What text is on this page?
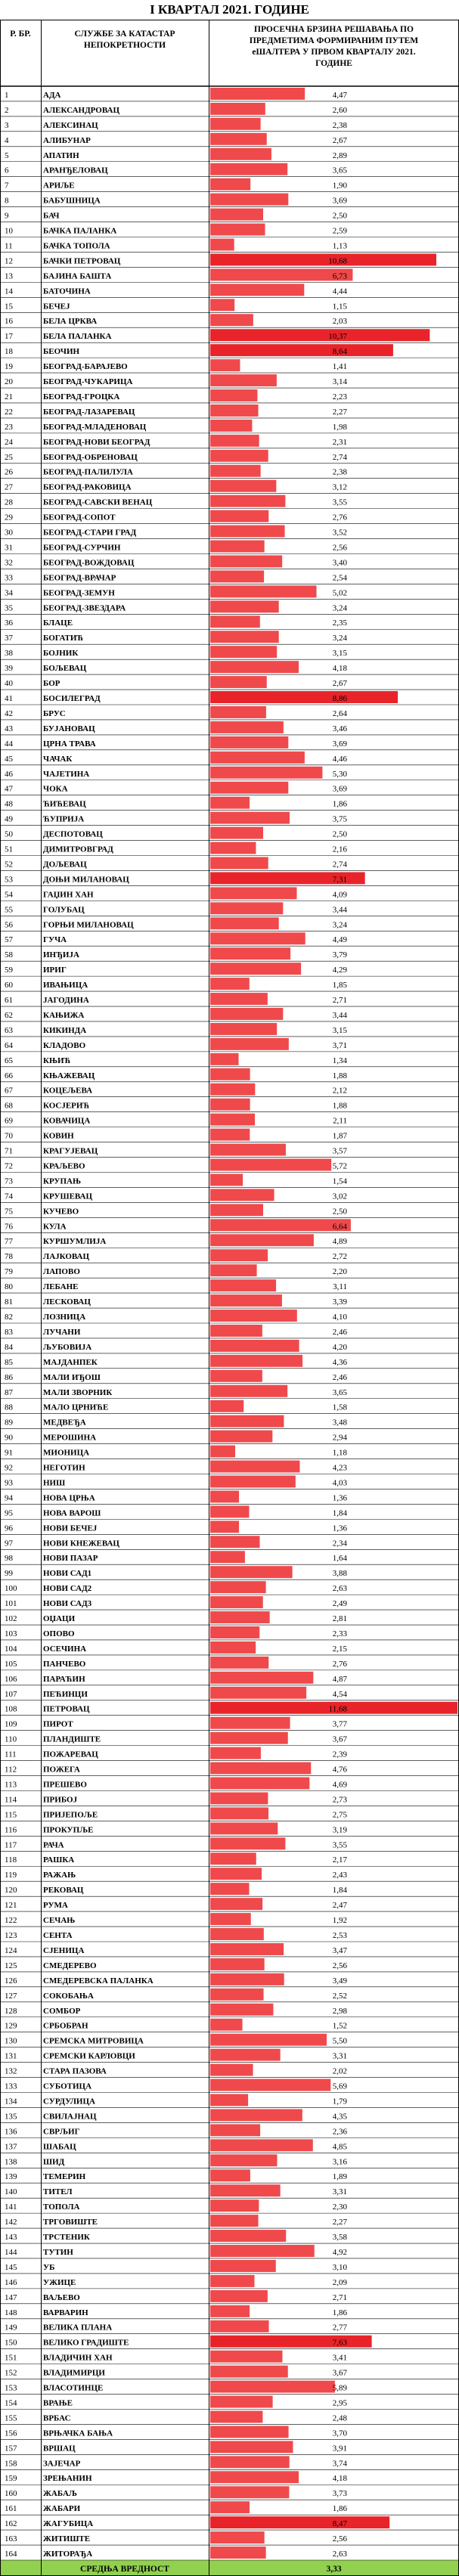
I КВАРТАЛ 2021. ГОДИНЕ
Р. БР.	СЛУЖБЕ ЗА КАТАСТАР
НЕПОКРЕТНОСТИ
ПРОСЕЧНА БРЗИНА РЕШАВАЊА ПО
ПРЕДМЕТИМА ФОРМИРАНИМ ПУТЕМ
еШАЛТЕРА У ПРВОМ КВАРТАЛУ 2021.
ГОДИНЕ
1	АДА	4,47
2	АЛЕКСАНДРОВАЦ	2,60
3	АЛЕКСИНАЦ	2,38
4	АЛИБУНАР	2,67
5	АПАТИН	2,89
6	АРАНЂЕЛОВАЦ	3,65
7	АРИЉЕ	1,90
8	БАБУШНИЦА	3,69
9	БАЧ	2,50
10	БАЧКА ПАЛАНКА	2,59
11	БАЧКА ТОПОЛА	1,13
12	БАЧКИ ПЕТРОВАЦ	10,68
13	БАЈИНА БАШТА	6,73
14	БАТОЧИНА	4,44
15	БЕЧЕЈ	1,15
16	БЕЛА ЦРКВА	2,03
17	БЕЛА ПАЛАНКА	10,37
18	БЕОЧИН	8,64
19	БЕОГРАД-БАРАЈЕВО	1,41
20	БЕОГРАД-ЧУКАРИЦА	3,14
21	БЕОГРАД-ГРОЦКА	2,23
22	БЕОГРАД-ЛАЗАРЕВАЦ	2,27
23	БЕОГРАД-МЛАДЕНОВАЦ	1,98
24	БЕОГРАД-НОВИ БЕОГРАД	2,31
25	БЕОГРАД-ОБРЕНОВАЦ	2,74
26	БЕОГРАД-ПАЛИЛУЛА	2,38
27	БЕОГРАД-РАКОВИЦА	3,12
28	БЕОГРАД-САВСКИ ВЕНАЦ	3,55
29	БЕОГРАД-СОПОТ	2,76
30	БЕОГРАД-СТАРИ ГРАД	3,52
31	БЕОГРАД-СУРЧИН	2,56
32	БЕОГРАД-ВОЖДОВАЦ	3,40
33	БЕОГРАД-ВРАЧАР	2,54
34	БЕОГРАД-ЗЕМУН	5,02
35	БЕОГРАД-ЗВЕЗДАРА	3,24
36	БЛАЦЕ	2,35
37	БОГАТИЋ	3,24
38	БОЈНИК	3,15
39	БОЉЕВАЦ	4,18
40	БОР	2,67
41	БОСИЛЕГРАД	8,86
42	БРУС	2,64
43	БУЈАНОВАЦ	3,46
44	ЦРНА ТРАВА	3,69
45	ЧАЧАК	4,46
46	ЧАЈЕТИНА	5,30
47	ЧОКА	3,69
48	ЋИЋЕВАЦ	1,86
49	ЋУПРИЈА	3,75
50	ДЕСПОТОВАЦ	2,50
51	ДИМИТРОВГРАД	2,16
52	ДОЉЕВАЦ	2,74
53	ДОЊИ МИЛАНОВАЦ	7,31
54	ГАЏИН ХАН	4,09
55	ГОЛУБАЦ	3,44
56	ГОРЊИ МИЛАНОВАЦ	3,24
57	ГУЧА	4,49
58	ИНЂИЈА	3,79
59	ИРИГ	4,29
60	ИВАЊИЦА	1,85
61	ЈАГОДИНА	2,71
62	КАЊИЖА	3,44
63	КИКИНДА	3,15
64	КЛАДОВО	3,71
65	КЊИЋ	1,34
66	КЊАЖЕВАЦ	1,88
67	КОЦЕЉЕВА	2,12
68	КОСЈЕРИЋ	1,88
69	КОВАЧИЦА	2,11
70	КОВИН	1,87
71	КРАГУЈЕВАЦ	3,57
72	КРАЉЕВО	5,72
73	КРУПАЊ	1,54
74	КРУШЕВАЦ	3,02
75	КУЧЕВО	2,50
76	КУЛА	6,64
77	КУРШУМЛИЈА	4,89
78	ЛАЈКОВАЦ	2,72
79	ЛАПОВО	2,20
80	ЛЕБАНЕ	3,11
81	ЛЕСКОВАЦ	3,39
82	ЛОЗНИЦА	4,10
83	ЛУЧАНИ	2,46
84	ЉУБОВИЈА	4,20
85	МАЈДАНПЕК	4,36
86	МАЛИ ИЂОШ	2,46
87	МАЛИ ЗВОРНИК	3,65
88	МАЛО ЦРНИЋЕ	1,58
89	МЕДВЕЂА	3,48
90	МЕРОШИНА	2,94
91	МИОНИЦА	1,18
92	НЕГОТИН	4,23
93	НИШ	4,03
94	НОВА ЦРЊА	1,36
95	НОВА ВАРОШ	1,84
96	НОВИ БЕЧЕЈ	1,36
97	НОВИ КНЕЖЕВАЦ	2,34
98	НОВИ ПАЗАР	1,64
99	НОВИ САД1	3,88
100	НОВИ САД2	2,63
101	НОВИ САД3	2,49
102	ОЏАЦИ	2,81
103	ОПОВО	2,33
104	ОСЕЧИНА	2,15
105	ПАНЧЕВО	2,76
106	ПАРАЋИН	4,87
107	ПЕЋИНЦИ	4,54
108	ПЕТРОВАЦ	11,68
109	ПИРОТ	3,77
110	ПЛАНДИШТЕ	3,67
111	ПОЖАРЕВАЦ	2,39
112	ПОЖЕГА	4,76
113	ПРЕШЕВО	4,69
114	ПРИБОЈ	2,73
115	ПРИЈЕПОЉЕ	2,75
116	ПРОКУПЉЕ	3,19
117	РАЧА	3,55
118	РАШКА	2,17
119	РАЖАЊ	2,43
120	РЕКОВАЦ	1,84
121	РУМА	2,47
122	СЕЧАЊ	1,92
123	СЕНТА	2,53
124	СЈЕНИЦА	3,47
125	СМЕДЕРЕВО	2,56
126	СМЕДЕРЕВСКА ПАЛАНКА	3,49
127	СОКОБАЊА	2,52
128	СОМБОР	2,98
129	СРБОБРАН	1,52
130	СРЕМСКА МИТРОВИЦА	5,50
131	СРЕМСКИ КАРЛОВЦИ	3,31
132	СТАРА ПАЗОВА	2,02
133	СУБОТИЦА	5,69
134	СУРДУЛИЦА	1,79
135	СВИЛАЈНАЦ	4,35
136	СВРЉИГ	2,36
137	ШАБАЦ	4,85
138	ШИД	3,16
139	ТЕМЕРИН	1,89
140	ТИТЕЛ	3,31
141	ТОПОЛА	2,30
142	ТРГОВИШТЕ	2,27
143	ТРСТЕНИК	3,58
144	ТУТИН	4,92
145	УБ	3,10
146	УЖИЦЕ	2,09
147	ВАЉЕВО	2,71
148	ВАРВАРИН	1,86
149	ВЕЛИКА ПЛАНА	2,77
150	ВЕЛИКО ГРАДИШТЕ	7,63
151	ВЛАДИЧИН ХАН	3,41
152	ВЛАДИМИРЦИ	3,67
153	ВЛАСОТИНЦЕ	5,89
154	ВРАЊЕ	2,95
155	ВРБАС	2,48
156	ВРЊАЧКА БАЊА	3,70
157	ВРШАЦ	3,91
158	ЗАЈЕЧАР	3,74
159	ЗРЕЊАНИН	4,18
160	ЖАБАЉ	3,73
161	ЖАБАРИ	1,86
162	ЖАГУБИЦА	8,47
163	ЖИТИШТЕ	2,56
164	ЖИТОРАЂА	2,63
СРЕДЊА ВРЕДНОСТ	3,33
